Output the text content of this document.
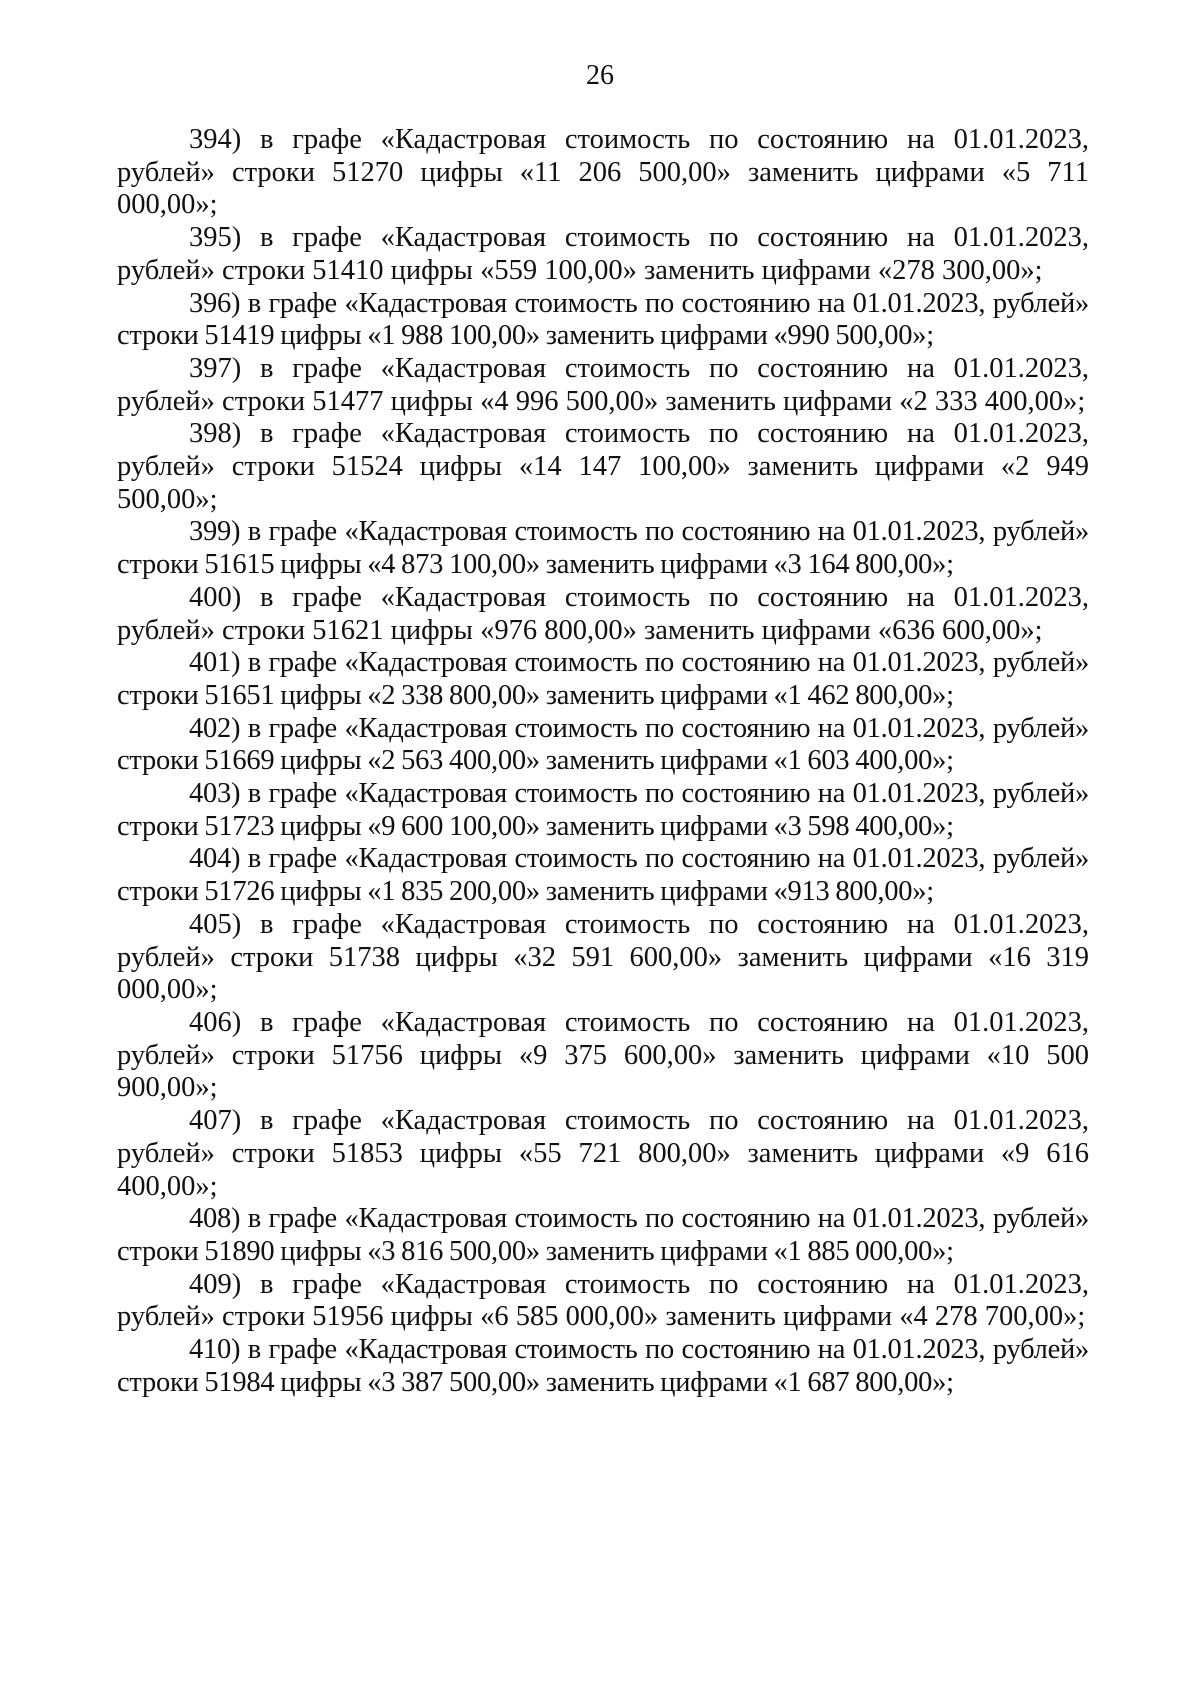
26

394) в графе «Кадастровая стоимость по состоянию на 01.01.2023, рублей» строки 51270 цифры «11 206 500,00» заменить цифрами «5 711 000,00»;

395) в графе «Кадастровая стоимость по состоянию на 01.01.2023, рублей» строки 51410 цифры «559 100,00» заменить цифрами «278 300,00»;

396) в графе «Кадастровая стоимость по состоянию на 01.01.2023, рублей» строки 51419 цифры «1 988 100,00» заменить цифрами «990 500,00»;

397) в графе «Кадастровая стоимость по состоянию на 01.01.2023, рублей» строки 51477 цифры «4 996 500,00» заменить цифрами «2 333 400,00»;

398) в графе «Кадастровая стоимость по состоянию на 01.01.2023, рублей» строки 51524 цифры «14 147 100,00» заменить цифрами «2 949 500,00»;

399) в графе «Кадастровая стоимость по состоянию на 01.01.2023, рублей» строки 51615 цифры «4 873 100,00» заменить цифрами «3 164 800,00»;

400) в графе «Кадастровая стоимость по состоянию на 01.01.2023, рублей» строки 51621 цифры «976 800,00» заменить цифрами «636 600,00»;

401) в графе «Кадастровая стоимость по состоянию на 01.01.2023, рублей» строки 51651 цифры «2 338 800,00» заменить цифрами «1 462 800,00»;

402) в графе «Кадастровая стоимость по состоянию на 01.01.2023, рублей» строки 51669 цифры «2 563 400,00» заменить цифрами «1 603 400,00»;

403) в графе «Кадастровая стоимость по состоянию на 01.01.2023, рублей» строки 51723 цифры «9 600 100,00» заменить цифрами «3 598 400,00»;

404) в графе «Кадастровая стоимость по состоянию на 01.01.2023, рублей» строки 51726 цифры «1 835 200,00» заменить цифрами «913 800,00»;

405) в графе «Кадастровая стоимость по состоянию на 01.01.2023, рублей» строки 51738 цифры «32 591 600,00» заменить цифрами «16 319 000,00»;

406) в графе «Кадастровая стоимость по состоянию на 01.01.2023, рублей» строки 51756 цифры «9 375 600,00» заменить цифрами «10 500 900,00»;

407) в графе «Кадастровая стоимость по состоянию на 01.01.2023, рублей» строки 51853 цифры «55 721 800,00» заменить цифрами «9 616 400,00»;

408) в графе «Кадастровая стоимость по состоянию на 01.01.2023, рублей» строки 51890 цифры «3 816 500,00» заменить цифрами «1 885 000,00»;

409) в графе «Кадастровая стоимость по состоянию на 01.01.2023, рублей» строки 51956 цифры «6 585 000,00» заменить цифрами «4 278 700,00»;

410) в графе «Кадастровая стоимость по состоянию на 01.01.2023, рублей» строки 51984 цифры «3 387 500,00» заменить цифрами «1 687 800,00»;
